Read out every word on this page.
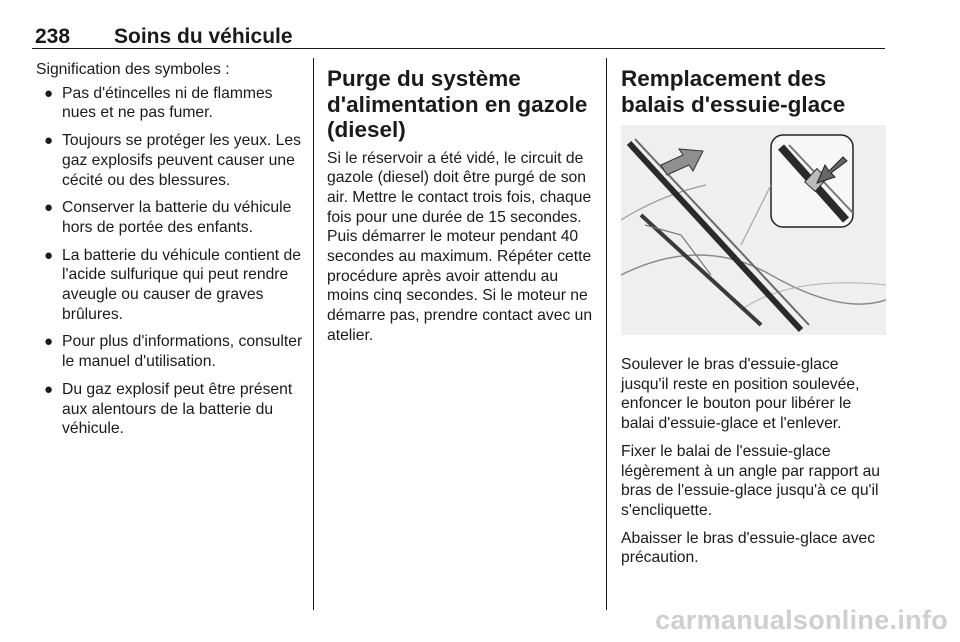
238 Soins du véhicule

Signification des symboles :

● Pas d'étincelles ni de flammes nues et ne pas fumer.
● Toujours se protéger les yeux. Les gaz explosifs peuvent causer une cécité ou des blessures.
● Conserver la batterie du véhicule hors de portée des enfants.
● La batterie du véhicule contient de l'acide sulfurique qui peut rendre aveugle ou causer de graves brûlures.
● Pour plus d'informations, consulter le manuel d'utilisation.
● Du gaz explosif peut être présent aux alentours de la batterie du véhicule.
Purge du système d'alimentation en gazole (diesel)

Si le réservoir a été vidé, le circuit de gazole (diesel) doit être purgé de son air. Mettre le contact trois fois, chaque fois pour une durée de 15 secondes. Puis démarrer le moteur pendant 40 secondes au maximum. Répéter cette procédure après avoir attendu au moins cinq secondes. Si le moteur ne démarre pas, prendre contact avec un atelier.

Remplacement des balais d'essuie-glace

Soulever le bras d'essuie-glace jusqu'il reste en position soulevée, enfoncer le bouton pour libérer le balai d'essuie-glace et l'enlever.

Fixer le balai de l'essuie-glace légèrement à un angle par rapport au bras de l'essuie-glace jusqu'à ce qu'il s'encliquette.

Abaisser le bras d'essuie-glace avec précaution.

carmanualsonline.info
